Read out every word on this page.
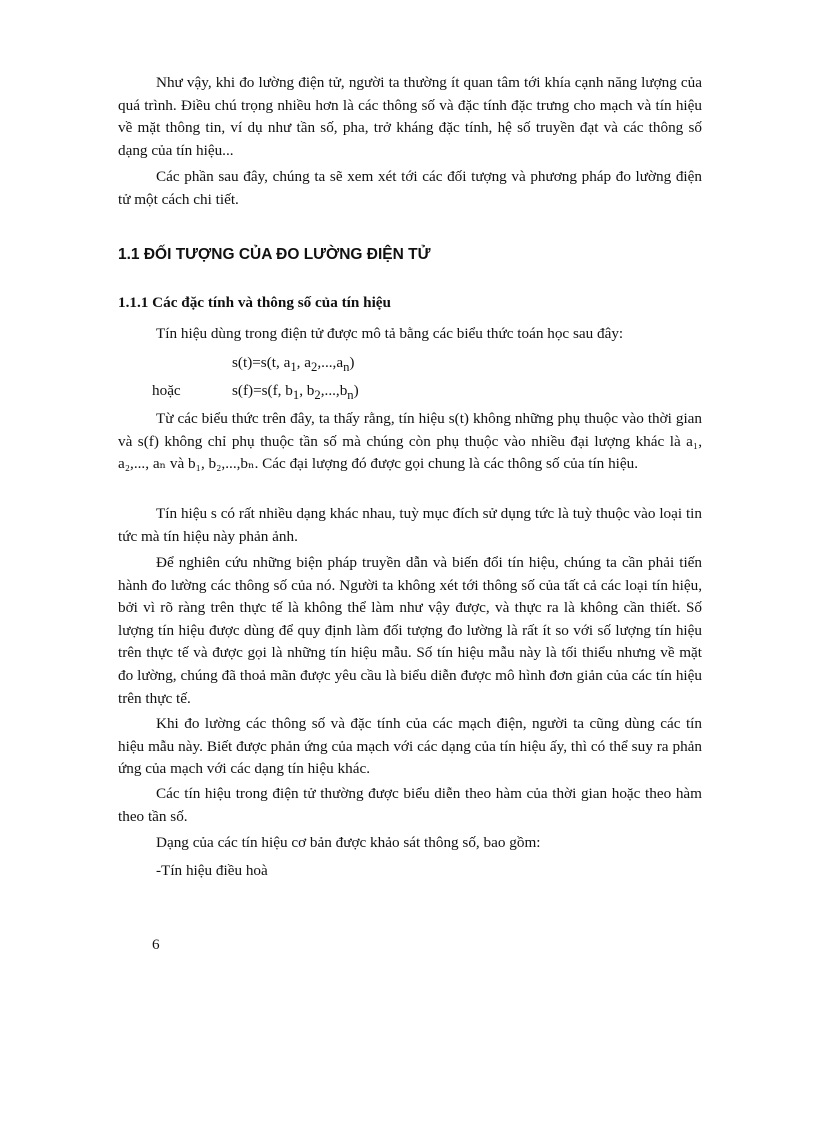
Như vậy, khi đo lường điện tử, người ta thường ít quan tâm tới khía cạnh năng lượng của quá trình. Điều chú trọng nhiều hơn là các thông số và đặc tính đặc trưng cho mạch và tín hiệu về mặt thông tin, ví dụ như tần số, pha, trở kháng đặc tính, hệ số truyền đạt và các thông số dạng của tín hiệu...

Các phần sau đây, chúng ta sẽ xem xét tới các đối tượng và phương pháp đo lường điện tử một cách chi tiết.

1.1 ĐỐI TƯỢNG CỦA ĐO LƯỜNG ĐIỆN TỬ
1.1.1 Các đặc tính và thông số của tín hiệu

Tín hiệu dùng trong điện tử được mô tả bằng các biểu thức toán học sau đây:

s(t)=s(t, $a_1$, $a_2,...,a_n$)

hoặc	s(f)=s(f, $b_1$, $b_2,...,b_n$)

Từ các biểu thức trên đây, ta thấy rằng, tín hiệu s(t) không những phụ thuộc vào thời gian và s(f) không chỉ phụ thuộc tần số mà chúng còn phụ thuộc vào nhiều đại lượng khác là a₁, a₂,..., aₙ và b₁, b₂,...,bₙ. Các đại lượng đó được gọi chung là các thông số của tín hiệu.

Tín hiệu s có rất nhiều dạng khác nhau, tuỳ mục đích sử dụng tức là tuỳ thuộc vào loại tin tức mà tín hiệu này phản ảnh.

Để nghiên cứu những biện pháp truyền dẫn và biến đổi tín hiệu, chúng ta cần phải tiến hành đo lường các thông số của nó. Người ta không xét tới thông số của tất cả các loại tín hiệu, bởi vì rõ ràng trên thực tế là không thể làm như vậy được, và thực ra là không cần thiết. Số lượng tín hiệu được dùng để quy định làm đối tượng đo lường là rất ít so với số lượng tín hiệu trên thực tế và được gọi là những tín hiệu mẫu. Số tín hiệu mẫu này là tối thiểu nhưng về mặt đo lường, chúng đã thoả mãn được yêu cầu là biểu diễn được mô hình đơn giản của các tín hiệu trên thực tế.

Khi đo lường các thông số và đặc tính của các mạch điện, người ta cũng dùng các tín hiệu mẫu này. Biết được phản ứng của mạch với các dạng của tín hiệu ấy, thì có thể suy ra phản ứng của mạch với các dạng tín hiệu khác.

Các tín hiệu trong điện tử thường được biểu diễn theo hàm của thời gian hoặc theo hàm theo tần số.

Dạng của các tín hiệu cơ bản được khảo sát thông số, bao gồm:

-Tín hiệu điều hoà

6
